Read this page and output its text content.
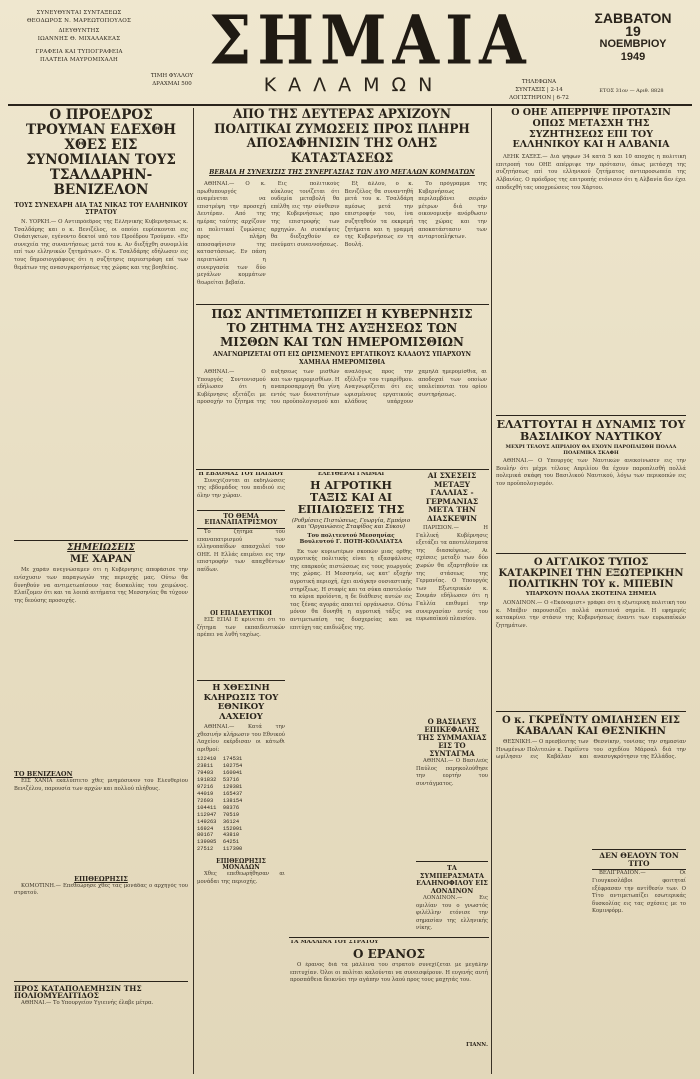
ΣΥΝΕΥΘΥΝΤΑΙ ΣΥΝΤΑΞΕΩΣ
ΘΕΟΔΩΡΟΣ Ν. ΜΑΡΕΩΤΟΠΟΥΛΟΣ
ΔΙΕΥΘΥΝΤΗΣ
ΙΩΑΝΝΗΣ Θ. ΜΙΧΑΛΑΚΕΑΣ
ΓΡΑΦΕΙΑ ΚΑΙ ΤΥΠΟΓΡΑΦΕΙΑ
ΠΛΑΤΕΙΑ ΜΑΥΡΟΜΙΧΑΛΗ
ΤΙΜΗ ΦΥΛΛΟΥ
ΔΡΑΧΜΑΙ 500
ΣΗΜΑΙΑ
ΚΑΛΑΜΩΝ	ΤΗΛΕΦΩΝΑ
ΣΥΝΤΑΞΙΣ | 2-14
ΛΟΓΙΣΤΗΡΙΟΝ | 6-72
ΣΑΒΒΑΤΟΝ
19
ΝΟΕΜΒΡΙΟΥ
1949
ΕΤΟΣ 31ον — Αριθ. 8828
Ο ΠΡΟΕΔΡΟΣ ΤΡΟΥΜΑΝ ΕΔΕΧΘΗ ΧΘΕΣ ΕΙΣ ΣΥΝΟΜΙΛΙΑΝ ΤΟΥΣ ΤΣΑΛΔΑΡΗΝ-ΒΕΝΙΖΕΛΟΝ
ΤΟΥΣ ΣΥΝΕΧΑΡΗ ΔΙΑ ΤΑΣ ΝΙΚΑΣ ΤΟΥ ΕΛΛΗΝΙΚΟΥ ΣΤΡΑΤΟΥ

Ν. ΥΟΡΚΗ.— Ο Αντιπρόεδρος της Ελληνικής Κυβερνήσεως κ. Τσαλδάρης και ο κ. Βενιζέλος, οι οποίοι ευρίσκονται εις Ουάσιγκτων, εγένοντο δεκτοί υπό του Προέδρου Τρούμαν. «Εν συνεχεία της συναντήσεως μετά του κ. Αν διεξήχθη συνομιλία επί των ελληνικών ζητημάτων». Ο κ. Τσαλδάρης εδήλωσεν εις τους δημοσιογράφους ότι η συζήτησις περιεστράφη επί των θεμάτων της ανασυγκροτήσεως της χώρας και της βοηθείας.

ΣΗΜΕΙΩΣΕΙΣ
ΜΕ ΧΑΡΑΝ

Με χαράν ανεγνώσαμεν ότι η Κυβέρνησις απεφάσισε την ενίσχυσιν των παραγωγών της περιοχής μας. Ούτω θα δυνηθούν να αντιμετωπίσουν τας δυσκολίας του χειμώνος. Ελπίζομεν ότι και τα λοιπά αιτήματα της Μεσσηνίας θα τύχουν της δεούσης προσοχής.

ΤΟ ΒΕΝΙΖΕΛΟΝ

ΕΙΣ ΧΑΝΙΑ εκάλυπτετο χθες μνημόσυνον του Ελευθερίου Βενιζέλου, παρουσία των αρχών και πολλού πλήθους.

ΕΠΙΘΕΩΡΗΣΙΣ

ΚΟΜΟΤΙΝΗ.— Επεθεώρησε χθες τας μονάδας ο αρχηγός του στρατού.

ΠΡΟΣ ΚΑΤΑΠΟΛΕΜΗΣΙΝ ΤΗΣ ΠΟΛΙΟΜΥΕΛΙΤΙΔΟΣ

ΑΘΗΝΑΙ.— Το Υπουργείον Υγιεινής έλαβε μέτρα.

ΑΠΟ ΤΗΣ ΔΕΥΤΕΡΑΣ ΑΡΧΙΖΟΥΝ ΠΟΛΙΤΙΚΑΙ ΖΥΜΩΣΕΙΣ ΠΡΟΣ ΠΛΗΡΗ ΑΠΟΣΑΦΗΝΙΣΙΝ ΤΗΣ ΟΛΗΣ ΚΑΤΑΣΤΑΣΕΩΣ
ΒΕΒΑΙΑ Η ΣΥΝΕΧΙΣΙΣ ΤΗΣ ΣΥΝΕΡΓΑΣΙΑΣ ΤΩΝ ΔΥΟ ΜΕΓΑΛΩΝ ΚΟΜΜΑΤΩΝ

ΑΘΗΝΑΙ.— Ο κ. πρωθυπουργός αναμένεται να επιστρέψη την προσεχή Δευτέραν. Από της ημέρας ταύτης αρχίζουν αι πολιτικαί ζυμώσεις προς πλήρη αποσαφήνισιν της καταστάσεως. Εν πάση περιπτώσει η συνεργασία των δύο μεγάλων κομμάτων θεωρείται βεβαία.

Εις πολιτικούς κύκλους τονίζεται ότι ουδεμία μεταβολή θα επέλθη εις την σύνθεσιν της Κυβερνήσεως προ της επιστροφής των αρχηγών. Αι συσκέψεις θα διεξαχθούν εν πνεύματι συνεννοήσεως.

Εξ άλλου, ο κ. Βενιζέλος θα συναντηθή μετά του κ. Τσαλδάρη αμέσως μετά την επιστροφήν του, ίνα συζητηθούν τα εκκρεμή ζητήματα και η γραμμή της Κυβερνήσεως εν τη Βουλή.

Το πρόγραμμα της Κυβερνήσεως περιλαμβάνει σειράν μέτρων διά την οικονομικήν ανόρθωσιν της χώρας και την αποκατάστασιν των ανταρτοπλήκτων.

ΠΩΣ ΑΝΤΙΜΕΤΩΠΙΖΕΙ Η ΚΥΒΕΡΝΗΣΙΣ ΤΟ ΖΗΤΗΜΑ ΤΗΣ ΑΥΞΗΣΕΩΣ ΤΩΝ ΜΙΣΘΩΝ ΚΑΙ ΤΩΝ ΗΜΕΡΟΜΙΣΘΙΩΝ
ΑΝΑΓΝΩΡΙΖΕΤΑΙ ΟΤΙ ΕΙΣ ΩΡΙΣΜΕΝΟΥΣ ΕΡΓΑΤΙΚΟΥΣ ΚΛΑΔΟΥΣ ΥΠΑΡΧΟΥΝ ΧΑΜΗΛΑ ΗΜΕΡΟΜΙΣΘΙΑ

ΑΘΗΝΑΙ.— Ο Υπουργός Συντονισμού εδήλωσεν ότι η Κυβέρνησις εξετάζει με προσοχήν το ζήτημα της αυξήσεως των μισθών και των ημερομισθίων. Η αναπροσαρμογή θα γίνη εντός των δυνατοτήτων του προϋπολογισμού και αναλόγως προς την εξέλιξιν του τιμαρίθμου. Αναγνωρίζεται ότι εις ωρισμένους εργατικούς κλάδους υπάρχουν χαμηλά ημερομίσθια, αι αποδοχαί των οποίων υπολείπονται του ορίου συντηρήσεως.

Η ΕΒΔΟΜΑΣ ΤΟΥ ΠΑΙΔΙΟΥ

Συνεχίζονται αι εκδηλώσεις της εβδομάδος του παιδιού εις όλην την χώραν.

ΤΟ ΘΕΜΑ ΕΠΑΝΑΠΑΤΡΙΣΜΟΥ

Το ζήτημα του επαναπατρισμού των ελληνοπαίδων απασχολεί τον ΟΗΕ. Η Ελλάς επιμένει εις την επιστροφήν των απαχθέντων παίδων.

ΟΙ ΕΠΑΙΔΕΥΤΙΚΟΙ

ΕΙΣ ΕΠΑΙ Ε κρίνεται ότι το ζήτημα των εκπαιδευτικών πρέπει να λυθή ταχέως.

Η ΧΘΕΣΙΝΗ ΚΛΗΡΩΣΙΣ ΤΟΥ ΕΘΝΙΚΟΥ ΛΑΧΕΙΟΥ

ΑΘΗΝΑΙ.— Κατά την χθεσινήν κλήρωσιν του Εθνικού Λαχείου εκέρδισαν οι κάτωθι αριθμοί:

122410  174531
23811   102754
79403   160041
191832  53716
97216   129381
44019   165437
72693   138154
104411  98376
112947  70519
149263  36124
16924   152091
80167   43810
139005  64251
27512   117390
ΕΠΙΘΕΩΡΗΣΙΣ ΜΟΝΑΔΩΝ

Χθες επεθεωρήθησαν αι μονάδαι της περιοχής.

ΕΛΕΥΘΕΡΑΙ ΓΝΩΜΑΙ
Η ΑΓΡΟΤΙΚΗ ΤΑΞΙΣ ΚΑΙ ΑΙ ΕΠΙΔΙΩΞΕΙΣ ΤΗΣ
(Ρυθμίσεις Πιστώσεως, Γεωργία, Εμπόριο και 'Οργανώσεις Σταφίδος και Σύκου)
Του πολιτευτού Μεσσηνίας Βουλευτού Γ. ΠΟΤΗ-ΚΟΛΛΙΑΤΣΑ

Εκ των κυριωτέρων σκοπών μιας ορθής αγροτικής πολιτικής είναι η εξασφάλισις της επαρκούς πιστώσεως εις τους γεωργούς της χώρας. Η Μεσσηνία, ως κατ' εξοχήν αγροτική περιοχή, έχει ανάγκην ουσιαστικής στηρίξεως. Η σταφίς και τα σύκα αποτελούν τα κύρια προϊόντα, η δε διάθεσις αυτών εις τας ξένας αγοράς απαιτεί οργάνωσιν. Ούτω μόνον θα δυνηθή η αγροτική τάξις να αντιμετωπίση τας δυσχερείας και να επιτύχη τας επιδιώξεις της.

ΑΙ ΣΧΕΣΕΙΣ ΜΕΤΑΞΥ ΓΑΛΛΙΑΣ - ΓΕΡΜΑΝΙΑΣ ΜΕΤΑ ΤΗΝ ΔΙΑΣΚΕΨΙΝ

ΠΑΡΙΣΙΟΝ.— Η Γαλλική Κυβέρνησις εξετάζει τα αποτελέσματα της διασκέψεως. Αι σχέσεις μεταξύ των δύο χωρών θα εξαρτηθούν εκ της στάσεως της Γερμανίας. Ο Υπουργός των Εξωτερικών κ. Σουμάν εδήλωσεν ότι η Γαλλία επιθυμεί την συνεργασίαν εντός του ευρωπαϊκού πλαισίου.

Ο ΒΑΣΙΛΕΥΣ ΕΠΙΚΕΦΑΛΗΣ ΤΗΣ ΣΥΜΜΑΧΙΑΣ ΕΙΣ ΤΟ ΣΥΝΤΑΓΜΑ

ΑΘΗΝΑΙ.— Ο Βασιλεύς Παύλος παρηκολούθησε την εορτήν του συντάγματος.

ΤΑ ΣΥΜΠΕΡΑΣΜΑΤΑ ΕΛΛΗΝΟΦΙΛΟΥ ΕΙΣ ΛΟΝΔΙΝΟΝ

ΛΟΝΔΙΝΟΝ.— Εις ομιλίαν του ο γνωστός φιλέλλην ετόνισε την σημασίαν της ελληνικής νίκης.

ΤΑ ΜΑΛΛΙΝΑ ΤΟΥ ΣΤΡΑΤΟΥ
Ο ΕΡΑΝΟΣ

Ο έρανος διά τα μάλλινα του στρατού συνεχίζεται με μεγάλην επιτυχίαν. Όλοι οι πολίται καλούνται να συνεισφέρουν. Η ευγενής αυτή προσπάθεια δεικνύει την αγάπην του λαού προς τους μαχητάς του.

ΓΙΑΝΝ.
Ο ΟΗΕ ΑΠΕΡΡΙΨΕ ΠΡΟΤΑΣΙΝ ΟΠΩΣ ΜΕΤΑΣΧΗ ΤΗΣ ΣΥΖΗΤΗΣΕΩΣ ΕΠΙ ΤΟΥ ΕΛΛΗΝΙΚΟΥ ΚΑΙ Η ΑΛΒΑΝΙΑ

ΛΕΗΚ ΣΑΞΕΣ.— Διά ψήφων 34 κατά 5 και 10 αποχάς η πολιτική επιτροπή του ΟΗΕ απέρριψε την πρότασιν, όπως μετάσχη της συζητήσεως επί του ελληνικού ζητήματος αντιπροσωπεία της Αλβανίας. Ο πρόεδρος της επιτροπής ετόνισεν ότι η Αλβανία δεν έχει αποδεχθή τας υποχρεώσεις του Χάρτου.

ΕΛΑΤΤΟΥΤΑΙ Η ΔΥΝΑΜΙΣ ΤΟΥ ΒΑΣΙΛΙΚΟΥ ΝΑΥΤΙΚΟΥ
ΜΕΧΡΙ ΤΕΛΟΥΣ ΑΠΡΙΛΙΟΥ ΘΑ ΕΧΟΥΝ ΠΑΡΟΠΛΙΣΘΗ ΠΟΛΛΑ ΠΟΛΕΜΙΚΑ ΣΚΑΦΗ

ΑΘΗΝΑΙ.— Ο Υπουργός των Ναυτικών ανεκοίνωσεν εις την Βουλήν ότι μέχρι τέλους Απριλίου θα έχουν παροπλισθή πολλά πολεμικά σκάφη του Βασιλικού Ναυτικού, λόγω των περικοπών εις τον προϋπολογισμόν.

Ο ΑΓΓΛΙΚΟΣ ΤΥΠΟΣ ΚΑΤΑΚΡΙΝΕΙ ΤΗΝ ΕΞΩΤΕΡΙΚΗΝ ΠΟΛΙΤΙΚΗΝ ΤΟΥ κ. ΜΠΕΒΙΝ
ΥΠΑΡΧΟΥΝ ΠΟΛΛΑ ΣΚΟΤΕΙΝΑ ΣΗΜΕΙΑ

ΛΟΝΔΙΝΟΝ.— Ο «Εκόνομιστ» γράφει ότι η εξωτερική πολιτική του κ. Μπέβιν παρουσιάζει πολλά σκοτεινά σημεία. Η εφημερίς κατακρίνει την στάσιν της Κυβερνήσεως έναντι των ευρωπαϊκών ζητημάτων.

Ο κ. ΓΚΡΕΪΝΤΥ ΩΜΙΛΗΣΕΝ ΕΙΣ ΚΑΒΑΛΑΝ ΚΑΙ ΘΕΣΝΙΚΗΝ

ΘΕΣΝΙΚΗ.— Ο πρεσβευτής των Ηνωμένων Πολιτειών κ. Γκρέϊντυ ωμίλησεν εις Καβάλαν και Θεσνίκην, τονίσας την σημασίαν του σχεδίου Μάρσαλ διά την ανασυγκρότησιν της Ελλάδος.

ΔΕΝ ΘΕΛΟΥΝ ΤΟΝ ΤΙΤΟ

ΒΕΛΙΓΡΑΔΙΟΝ.— Οι Γιουγκοσλάβοι φοιτηταί εξέφρασαν την αντίθεσίν των. Ο Τίτο αντιμετωπίζει εσωτερικάς δυσκολίας εις τας σχέσεις με το Κομινφόρμ.
